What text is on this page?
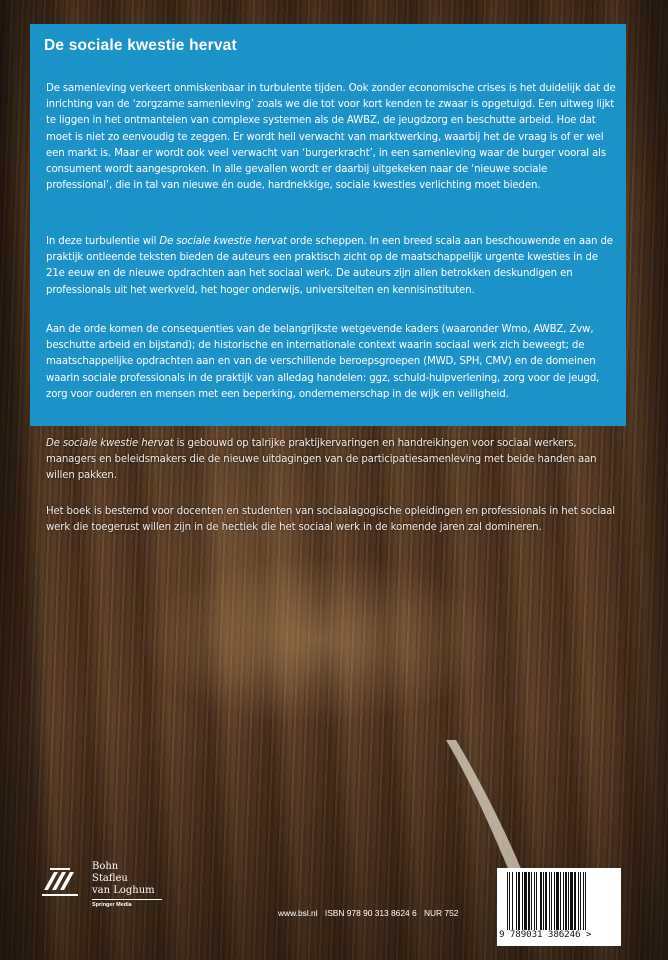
De sociale kwestie hervat

De samenleving verkeert onmiskenbaar in turbulente tijden. Ook zonder economische crises is het duidelijk dat de inrichting van de ‘zorgzame samenleving’ zoals we die tot voor kort kenden te zwaar is opgetuigd. Een uitweg lijkt te liggen in het ontmantelen van complexe systemen als de AWBZ, de jeugdzorg en beschutte arbeid. Hoe dat moet is niet zo eenvoudig te zeggen. Er wordt heil verwacht van marktwerking, waarbij het de vraag is of er wel een markt is. Maar er wordt ook veel verwacht van ‘burgerkracht’, in een samenleving waar de burger vooral als consument wordt aangesproken. In alle gevallen wordt er daarbij uitgekeken naar de ‘nieuwe sociale professional’, die in tal van nieuwe én oude, hardnekkige, sociale kwesties verlichting moet bieden.

In deze turbulentie wil De sociale kwestie hervat orde scheppen. In een breed scala aan beschouwende en aan de praktijk ontleende teksten bieden de auteurs een praktisch zicht op de maatschappelijk urgente kwesties in de 21e eeuw en de nieuwe opdrachten aan het sociaal werk. De auteurs zijn allen betrokken deskundigen en professionals uit het werkveld, het hoger onderwijs, universiteiten en kennisinstituten.

Aan de orde komen de consequenties van de belangrijkste wetgevende kaders (waaronder Wmo, AWBZ, Zvw, beschutte arbeid en bijstand); de historische en internationale context waarin sociaal werk zich beweegt; de maatschappelijke opdrachten aan en van de verschillende beroepsgroepen (MWD, SPH, CMV) en de domeinen waarin sociale professionals in de praktijk van alledag handelen: ggz, schuld-hulpverlening, zorg voor de jeugd, zorg voor ouderen en mensen met een beperking, ondernemerschap in de wijk en veiligheid.

De sociale kwestie hervat is gebouwd op talrijke praktijkervaringen en handreikingen voor sociaal werkers, managers en beleidsmakers die de nieuwe uitdagingen van de participatiesamenleving met beide handen aan willen pakken.

Het boek is bestemd voor docenten en studenten van sociaalagogische opleidingen en professionals in het sociaal werk die toegerust willen zijn in de hectiek die het sociaal werk in de komende jaren zal domineren.

Bohn
Stafleu
van Loghum
Springer Media
www.bsl.nl ISBN 978 90 313 8624 6 NUR 752
9 789031 386246 >
